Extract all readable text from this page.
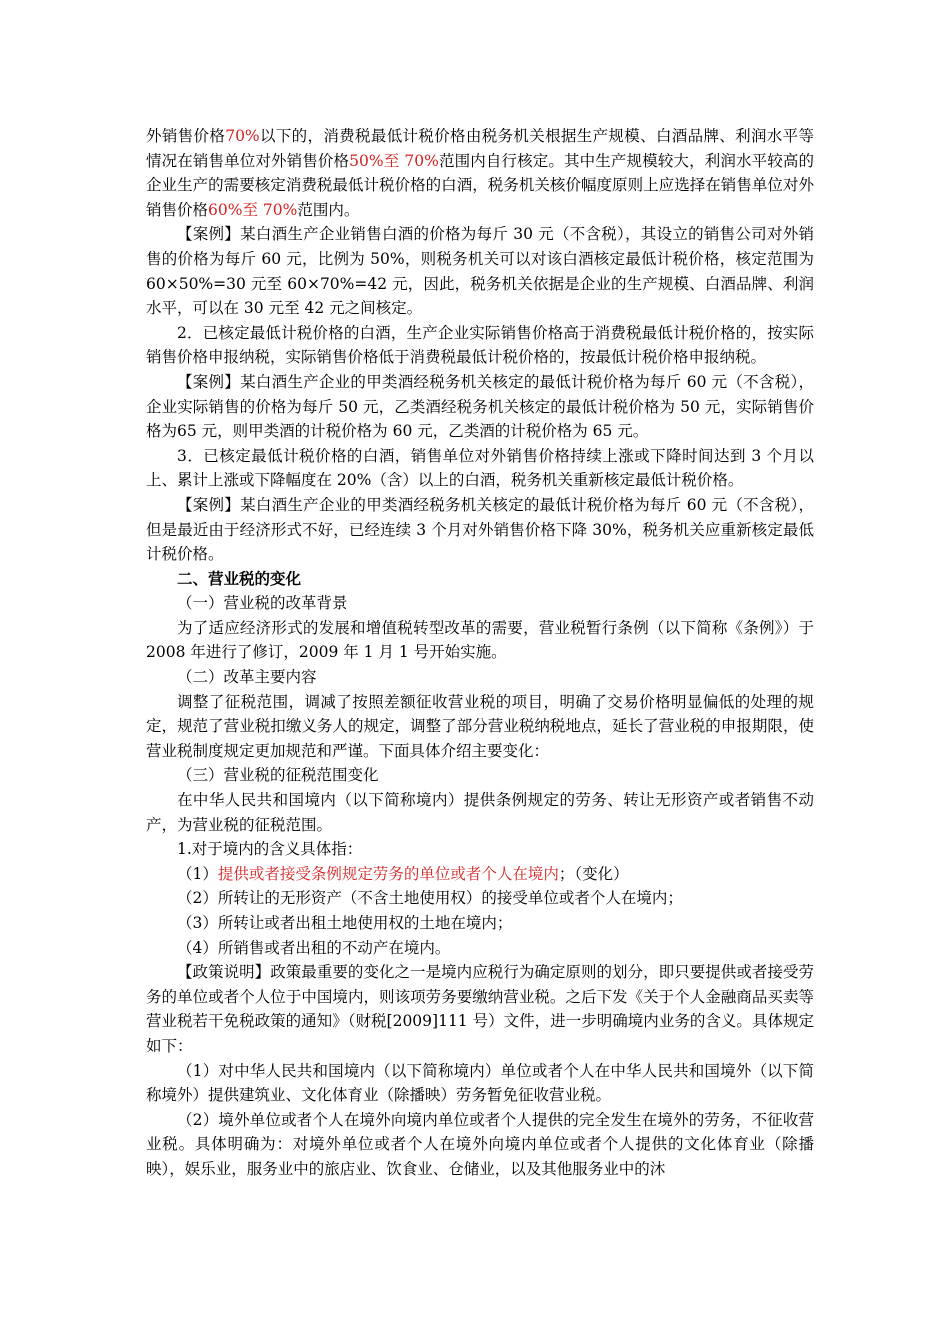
外销售价格70%以下的，消费税最低计税价格由税务机关根据生产规模、白酒品牌、利润水平等情况在销售单位对外销售价格50%至 70%范围内自行核定。其中生产规模较大，利润水平较高的企业生产的需要核定消费税最低计税价格的白酒，税务机关核价幅度原则上应选择在销售单位对外销售价格60%至 70%范围内。

【案例】某白酒生产企业销售白酒的价格为每斤 30 元（不含税），其设立的销售公司对外销售的价格为每斤 60 元，比例为 50%，则税务机关可以对该白酒核定最低计税价格，核定范围为 60×50%=30 元至 60×70%=42 元，因此，税务机关依据是企业的生产规模、白酒品牌、利润水平，可以在 30 元至 42 元之间核定。

2．已核定最低计税价格的白酒，生产企业实际销售价格高于消费税最低计税价格的，按实际销售价格申报纳税，实际销售价格低于消费税最低计税价格的，按最低计税价格申报纳税。

【案例】某白酒生产企业的甲类酒经税务机关核定的最低计税价格为每斤 60 元（不含税），企业实际销售的价格为每斤 50 元，乙类酒经税务机关核定的最低计税价格为 50 元，实际销售价格为65 元，则甲类酒的计税价格为 60 元，乙类酒的计税价格为 65 元。

3．已核定最低计税价格的白酒，销售单位对外销售价格持续上涨或下降时间达到 3 个月以上、累计上涨或下降幅度在 20%（含）以上的白酒，税务机关重新核定最低计税价格。

【案例】某白酒生产企业的甲类酒经税务机关核定的最低计税价格为每斤 60 元（不含税），但是最近由于经济形式不好，已经连续 3 个月对外销售价格下降 30%，税务机关应重新核定最低计税价格。

二、营业税的变化

（一）营业税的改革背景

为了适应经济形式的发展和增值税转型改革的需要，营业税暂行条例（以下简称《条例》）于 2008 年进行了修订，2009 年 1 月 1 号开始实施。

（二）改革主要内容

调整了征税范围，调减了按照差额征收营业税的项目，明确了交易价格明显偏低的处理的规定，规范了营业税扣缴义务人的规定，调整了部分营业税纳税地点，延长了营业税的申报期限，使营业税制度规定更加规范和严谨。下面具体介绍主要变化：

（三）营业税的征税范围变化

在中华人民共和国境内（以下简称境内）提供条例规定的劳务、转让无形资产或者销售不动产，为营业税的征税范围。

1.对于境内的含义具体指：

（1）提供或者接受条例规定劳务的单位或者个人在境内；（变化）

（2）所转让的无形资产（不含土地使用权）的接受单位或者个人在境内；

（3）所转让或者出租土地使用权的土地在境内；

（4）所销售或者出租的不动产在境内。

【政策说明】政策最重要的变化之一是境内应税行为确定原则的划分，即只要提供或者接受劳务的单位或者个人位于中国境内，则该项劳务要缴纳营业税。之后下发《关于个人金融商品买卖等营业税若干免税政策的通知》（财税[2009]111 号）文件，进一步明确境内业务的含义。具体规定如下：

（1）对中华人民共和国境内（以下简称境内）单位或者个人在中华人民共和国境外（以下简称境外）提供建筑业、文化体育业（除播映）劳务暂免征收营业税。

（2）境外单位或者个人在境外向境内单位或者个人提供的完全发生在境外的劳务，不征收营业税。具体明确为：对境外单位或者个人在境外向境内单位或者个人提供的文化体育业（除播映），娱乐业，服务业中的旅店业、饮食业、仓储业，以及其他服务业中的沐
